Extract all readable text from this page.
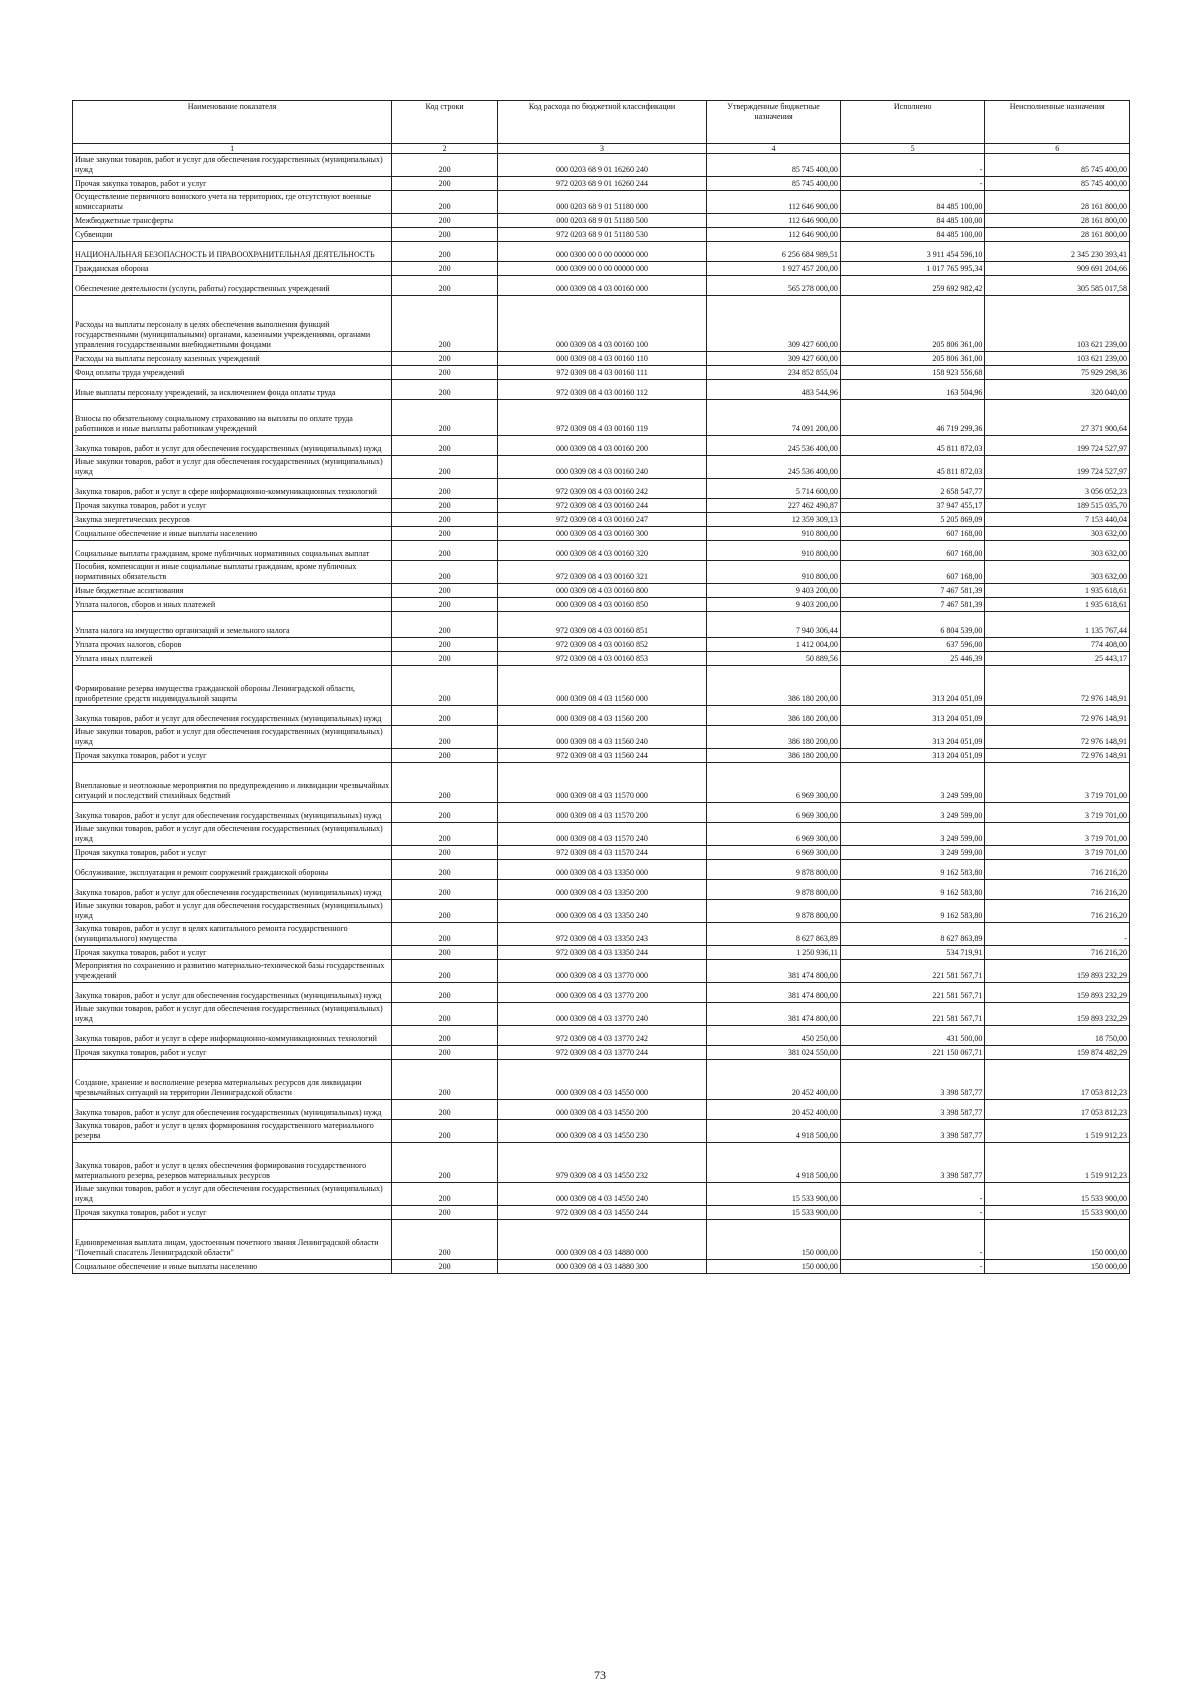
Наименование показателя	Код строки	Код расхода по бюджетной классификации	Утвержденные бюджетные назначения	Исполнено	Неисполненные назначения
1	2	3	4	5	6
Иные закупки товаров, работ и услуг для обеспечения государственных (муниципальных) нужд	200	000 0203 68 9 01 16260 240	85 745 400,00	-	85 745 400,00
Прочая закупка товаров, работ и услуг	200	972 0203 68 9 01 16260 244	85 745 400,00	-	85 745 400,00
Осуществление первичного воинского учета на территориях, где отсутствуют военные комиссариаты	200	000 0203 68 9 01 51180 000	112 646 900,00	84 485 100,00	28 161 800,00
Межбюджетные трансферты	200	000 0203 68 9 01 51180 500	112 646 900,00	84 485 100,00	28 161 800,00
Субвенции	200	972 0203 68 9 01 51180 530	112 646 900,00	84 485 100,00	28 161 800,00
НАЦИОНАЛЬНАЯ БЕЗОПАСНОСТЬ И ПРАВООХРАНИТЕЛЬНАЯ ДЕЯТЕЛЬНОСТЬ	200	000 0300 00 0 00 00000 000	6 256 684 989,51	3 911 454 596,10	2 345 230 393,41
Гражданская оборона	200	000 0309 00 0 00 00000 000	1 927 457 200,00	1 017 765 995,34	909 691 204,66
Обеспечение деятельности (услуги, работы) государственных учреждений	200	000 0309 08 4 03 00160 000	565 278 000,00	259 692 982,42	305 585 017,58
Расходы на выплаты персоналу в целях обеспечения выполнения функций государственными (муниципальными) органами, казенными учреждениями, органами управления государственными внебюджетными фондами	200	000 0309 08 4 03 00160 100	309 427 600,00	205 806 361,00	103 621 239,00
Расходы на выплаты персоналу казенных учреждений	200	000 0309 08 4 03 00160 110	309 427 600,00	205 806 361,00	103 621 239,00
Фонд оплаты труда учреждений	200	972 0309 08 4 03 00160 111	234 852 855,04	158 923 556,68	75 929 298,36
Иные выплаты персоналу учреждений, за исключением фонда оплаты труда	200	972 0309 08 4 03 00160 112	483 544,96	163 504,96	320 040,00
Взносы по обязательному социальному страхованию на выплаты по оплате труда работников и иные выплаты работникам учреждений	200	972 0309 08 4 03 00160 119	74 091 200,00	46 719 299,36	27 371 900,64
Закупка товаров, работ и услуг для обеспечения государственных (муниципальных) нужд	200	000 0309 08 4 03 00160 200	245 536 400,00	45 811 872,03	199 724 527,97
Иные закупки товаров, работ и услуг для обеспечения государственных (муниципальных) нужд	200	000 0309 08 4 03 00160 240	245 536 400,00	45 811 872,03	199 724 527,97
Закупка товаров, работ и услуг в сфере информационно-коммуникационных технологий	200	972 0309 08 4 03 00160 242	5 714 600,00	2 658 547,77	3 056 052,23
Прочая закупка товаров, работ и услуг	200	972 0309 08 4 03 00160 244	227 462 490,87	37 947 455,17	189 515 035,70
Закупка энергетических ресурсов	200	972 0309 08 4 03 00160 247	12 359 309,13	5 205 869,09	7 153 440,04
Социальное обеспечение и иные выплаты населению	200	000 0309 08 4 03 00160 300	910 800,00	607 168,00	303 632,00
Социальные выплаты гражданам, кроме публичных нормативных социальных выплат	200	000 0309 08 4 03 00160 320	910 800,00	607 168,00	303 632,00
Пособия, компенсации и иные социальные выплаты гражданам, кроме публичных нормативных обязательств	200	972 0309 08 4 03 00160 321	910 800,00	607 168,00	303 632,00
Иные бюджетные ассигнования	200	000 0309 08 4 03 00160 800	9 403 200,00	7 467 581,39	1 935 618,61
Уплата налогов, сборов и иных платежей	200	000 0309 08 4 03 00160 850	9 403 200,00	7 467 581,39	1 935 618,61
Уплата налога на имущество организаций и земельного налога	200	972 0309 08 4 03 00160 851	7 940 306,44	6 804 539,00	1 135 767,44
Уплата прочих налогов, сборов	200	972 0309 08 4 03 00160 852	1 412 004,00	637 596,00	774 408,00
Уплата иных платежей	200	972 0309 08 4 03 00160 853	50 889,56	25 446,39	25 443,17
Формирование резерва имущества гражданской обороны Ленинградской области, приобретение средств индивидуальной защиты	200	000 0309 08 4 03 11560 000	386 180 200,00	313 204 051,09	72 976 148,91
Закупка товаров, работ и услуг для обеспечения государственных (муниципальных) нужд	200	000 0309 08 4 03 11560 200	386 180 200,00	313 204 051,09	72 976 148,91
Иные закупки товаров, работ и услуг для обеспечения государственных (муниципальных) нужд	200	000 0309 08 4 03 11560 240	386 180 200,00	313 204 051,09	72 976 148,91
Прочая закупка товаров, работ и услуг	200	972 0309 08 4 03 11560 244	386 180 200,00	313 204 051,09	72 976 148,91
Внеплановые и неотложные мероприятия по предупреждению и ликвидации чрезвычайных ситуаций и последствий стихийных бедствий	200	000 0309 08 4 03 11570 000	6 969 300,00	3 249 599,00	3 719 701,00
Закупка товаров, работ и услуг для обеспечения государственных (муниципальных) нужд	200	000 0309 08 4 03 11570 200	6 969 300,00	3 249 599,00	3 719 701,00
Иные закупки товаров, работ и услуг для обеспечения государственных (муниципальных) нужд	200	000 0309 08 4 03 11570 240	6 969 300,00	3 249 599,00	3 719 701,00
Прочая закупка товаров, работ и услуг	200	972 0309 08 4 03 11570 244	6 969 300,00	3 249 599,00	3 719 701,00
Обслуживание, эксплуатация и ремонт сооружений гражданской обороны	200	000 0309 08 4 03 13350 000	9 878 800,00	9 162 583,80	716 216,20
Закупка товаров, работ и услуг для обеспечения государственных (муниципальных) нужд	200	000 0309 08 4 03 13350 200	9 878 800,00	9 162 583,80	716 216,20
Иные закупки товаров, работ и услуг для обеспечения государственных (муниципальных) нужд	200	000 0309 08 4 03 13350 240	9 878 800,00	9 162 583,80	716 216,20
Закупка товаров, работ и услуг в целях капитального ремонта государственного (муниципального) имущества	200	972 0309 08 4 03 13350 243	8 627 863,89	8 627 863,89	-
Прочая закупка товаров, работ и услуг	200	972 0309 08 4 03 13350 244	1 250 936,11	534 719,91	716 216,20
Мероприятия по сохранению и развитию материально-технической базы государственных учреждений	200	000 0309 08 4 03 13770 000	381 474 800,00	221 581 567,71	159 893 232,29
Закупка товаров, работ и услуг для обеспечения государственных (муниципальных) нужд	200	000 0309 08 4 03 13770 200	381 474 800,00	221 581 567,71	159 893 232,29
Иные закупки товаров, работ и услуг для обеспечения государственных (муниципальных) нужд	200	000 0309 08 4 03 13770 240	381 474 800,00	221 581 567,71	159 893 232,29
Закупка товаров, работ и услуг в сфере информационно-коммуникационных технологий	200	972 0309 08 4 03 13770 242	450 250,00	431 500,00	18 750,00
Прочая закупка товаров, работ и услуг	200	972 0309 08 4 03 13770 244	381 024 550,00	221 150 067,71	159 874 482,29
Создание, хранение и восполнение резерва материальных ресурсов для ликвидации чрезвычайных ситуаций на территории Ленинградской области	200	000 0309 08 4 03 14550 000	20 452 400,00	3 398 587,77	17 053 812,23
Закупка товаров, работ и услуг для обеспечения государственных (муниципальных) нужд	200	000 0309 08 4 03 14550 200	20 452 400,00	3 398 587,77	17 053 812,23
Закупка товаров, работ и услуг в целях формирования государственного материального резерва	200	000 0309 08 4 03 14550 230	4 918 500,00	3 398 587,77	1 519 912,23
Закупка товаров, работ и услуг в целях обеспечения формирования государственного материального резерва, резервов материальных ресурсов	200	979 0309 08 4 03 14550 232	4 918 500,00	3 398 587,77	1 519 912,23
Иные закупки товаров, работ и услуг для обеспечения государственных (муниципальных) нужд	200	000 0309 08 4 03 14550 240	15 533 900,00	-	15 533 900,00
Прочая закупка товаров, работ и услуг	200	972 0309 08 4 03 14550 244	15 533 900,00	-	15 533 900,00
Единовременная выплата лицам, удостоенным почетного звания Ленинградской области "Почетный спасатель Ленинградской области"	200	000 0309 08 4 03 14880 000	150 000,00	-	150 000,00
Социальное обеспечение и иные выплаты населению	200	000 0309 08 4 03 14880 300	150 000,00	-	150 000,00
73
